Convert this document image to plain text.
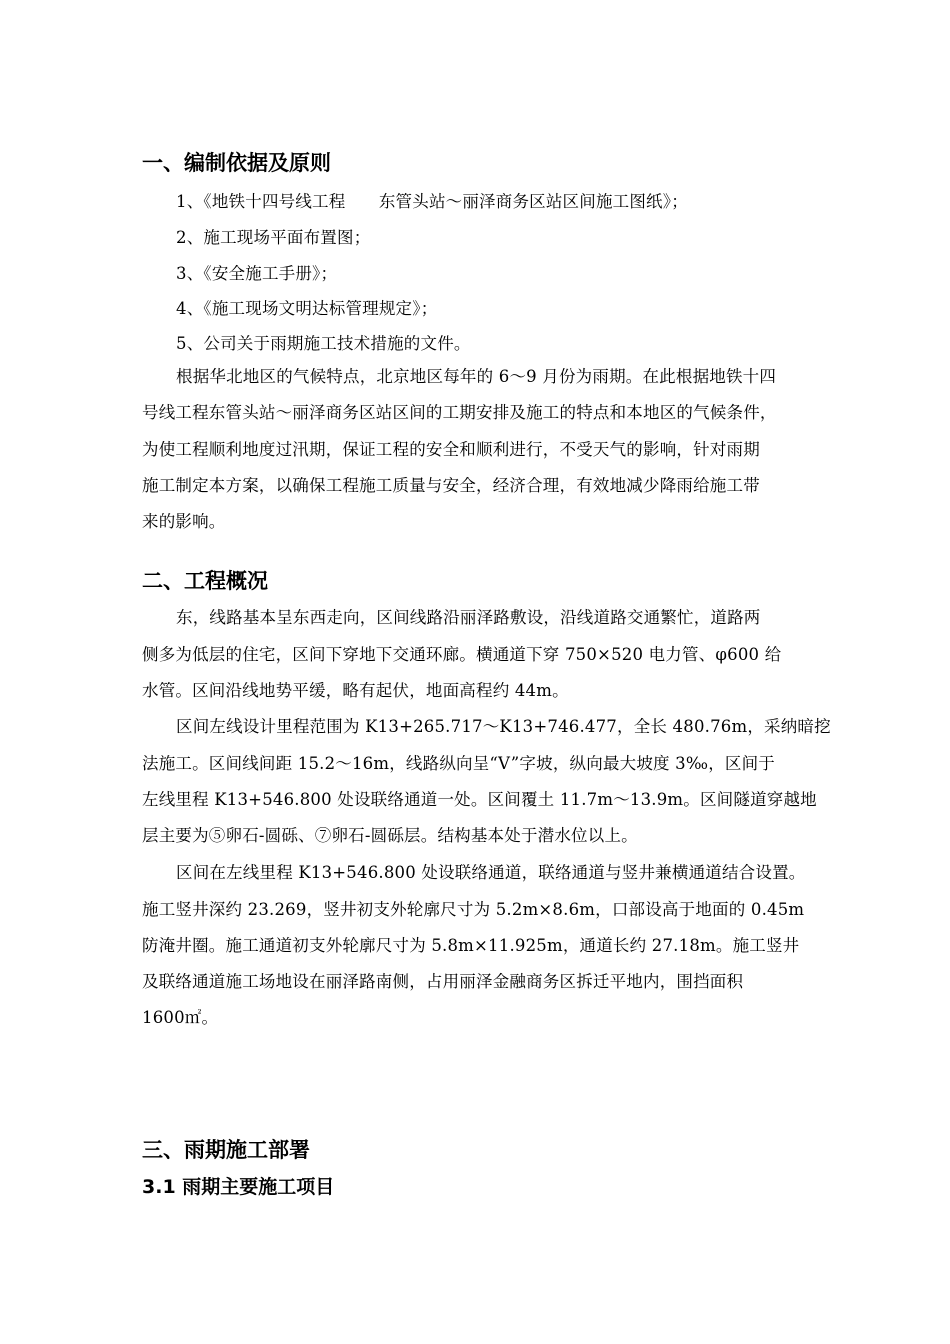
一、编制依据及原则
1、《地铁十四号线工程　　东管头站～丽泽商务区站区间施工图纸》；
2、施工现场平面布置图；
3、《安全施工手册》；
4、《施工现场文明达标管理规定》；
5、公司关于雨期施工技术措施的文件。
根据华北地区的气候特点，北京地区每年的 6～9 月份为雨期。在此根据地铁十四
号线工程东管头站～丽泽商务区站区间的工期安排及施工的特点和本地区的气候条件，
为使工程顺利地度过汛期，保证工程的安全和顺利进行，不受天气的影响，针对雨期
施工制定本方案，以确保工程施工质量与安全，经济合理，有效地减少降雨给施工带
来的影响。
二、工程概况
东，线路基本呈东西走向，区间线路沿丽泽路敷设，沿线道路交通繁忙，道路两
侧多为低层的住宅，区间下穿地下交通环廊。横通道下穿 750×520 电力管、φ600 给
水管。区间沿线地势平缓，略有起伏，地面高程约 44m。
区间左线设计里程范围为 K13+265.717～K13+746.477，全长 480.76m，采纳暗挖
法施工。区间线间距 15.2～16m，线路纵向呈“V”字坡，纵向最大坡度 3‰，区间于
左线里程 K13+546.800 处设联络通道一处。区间覆土 11.7m～13.9m。区间隧道穿越地
层主要为⑤卵石-圆砾、⑦卵石-圆砾层。结构基本处于潜水位以上。
区间在左线里程 K13+546.800 处设联络通道，联络通道与竖井兼横通道结合设置。
施工竖井深约 23.269，竖井初支外轮廓尺寸为 5.2m×8.6m，口部设高于地面的 0.45m
防淹井圈。施工通道初支外轮廓尺寸为 5.8m×11.925m，通道长约 27.18m。施工竖井
及联络通道施工场地设在丽泽路南侧，占用丽泽金融商务区拆迁平地内，围挡面积
1600㎡。
三、雨期施工部署
3.1 雨期主要施工项目
